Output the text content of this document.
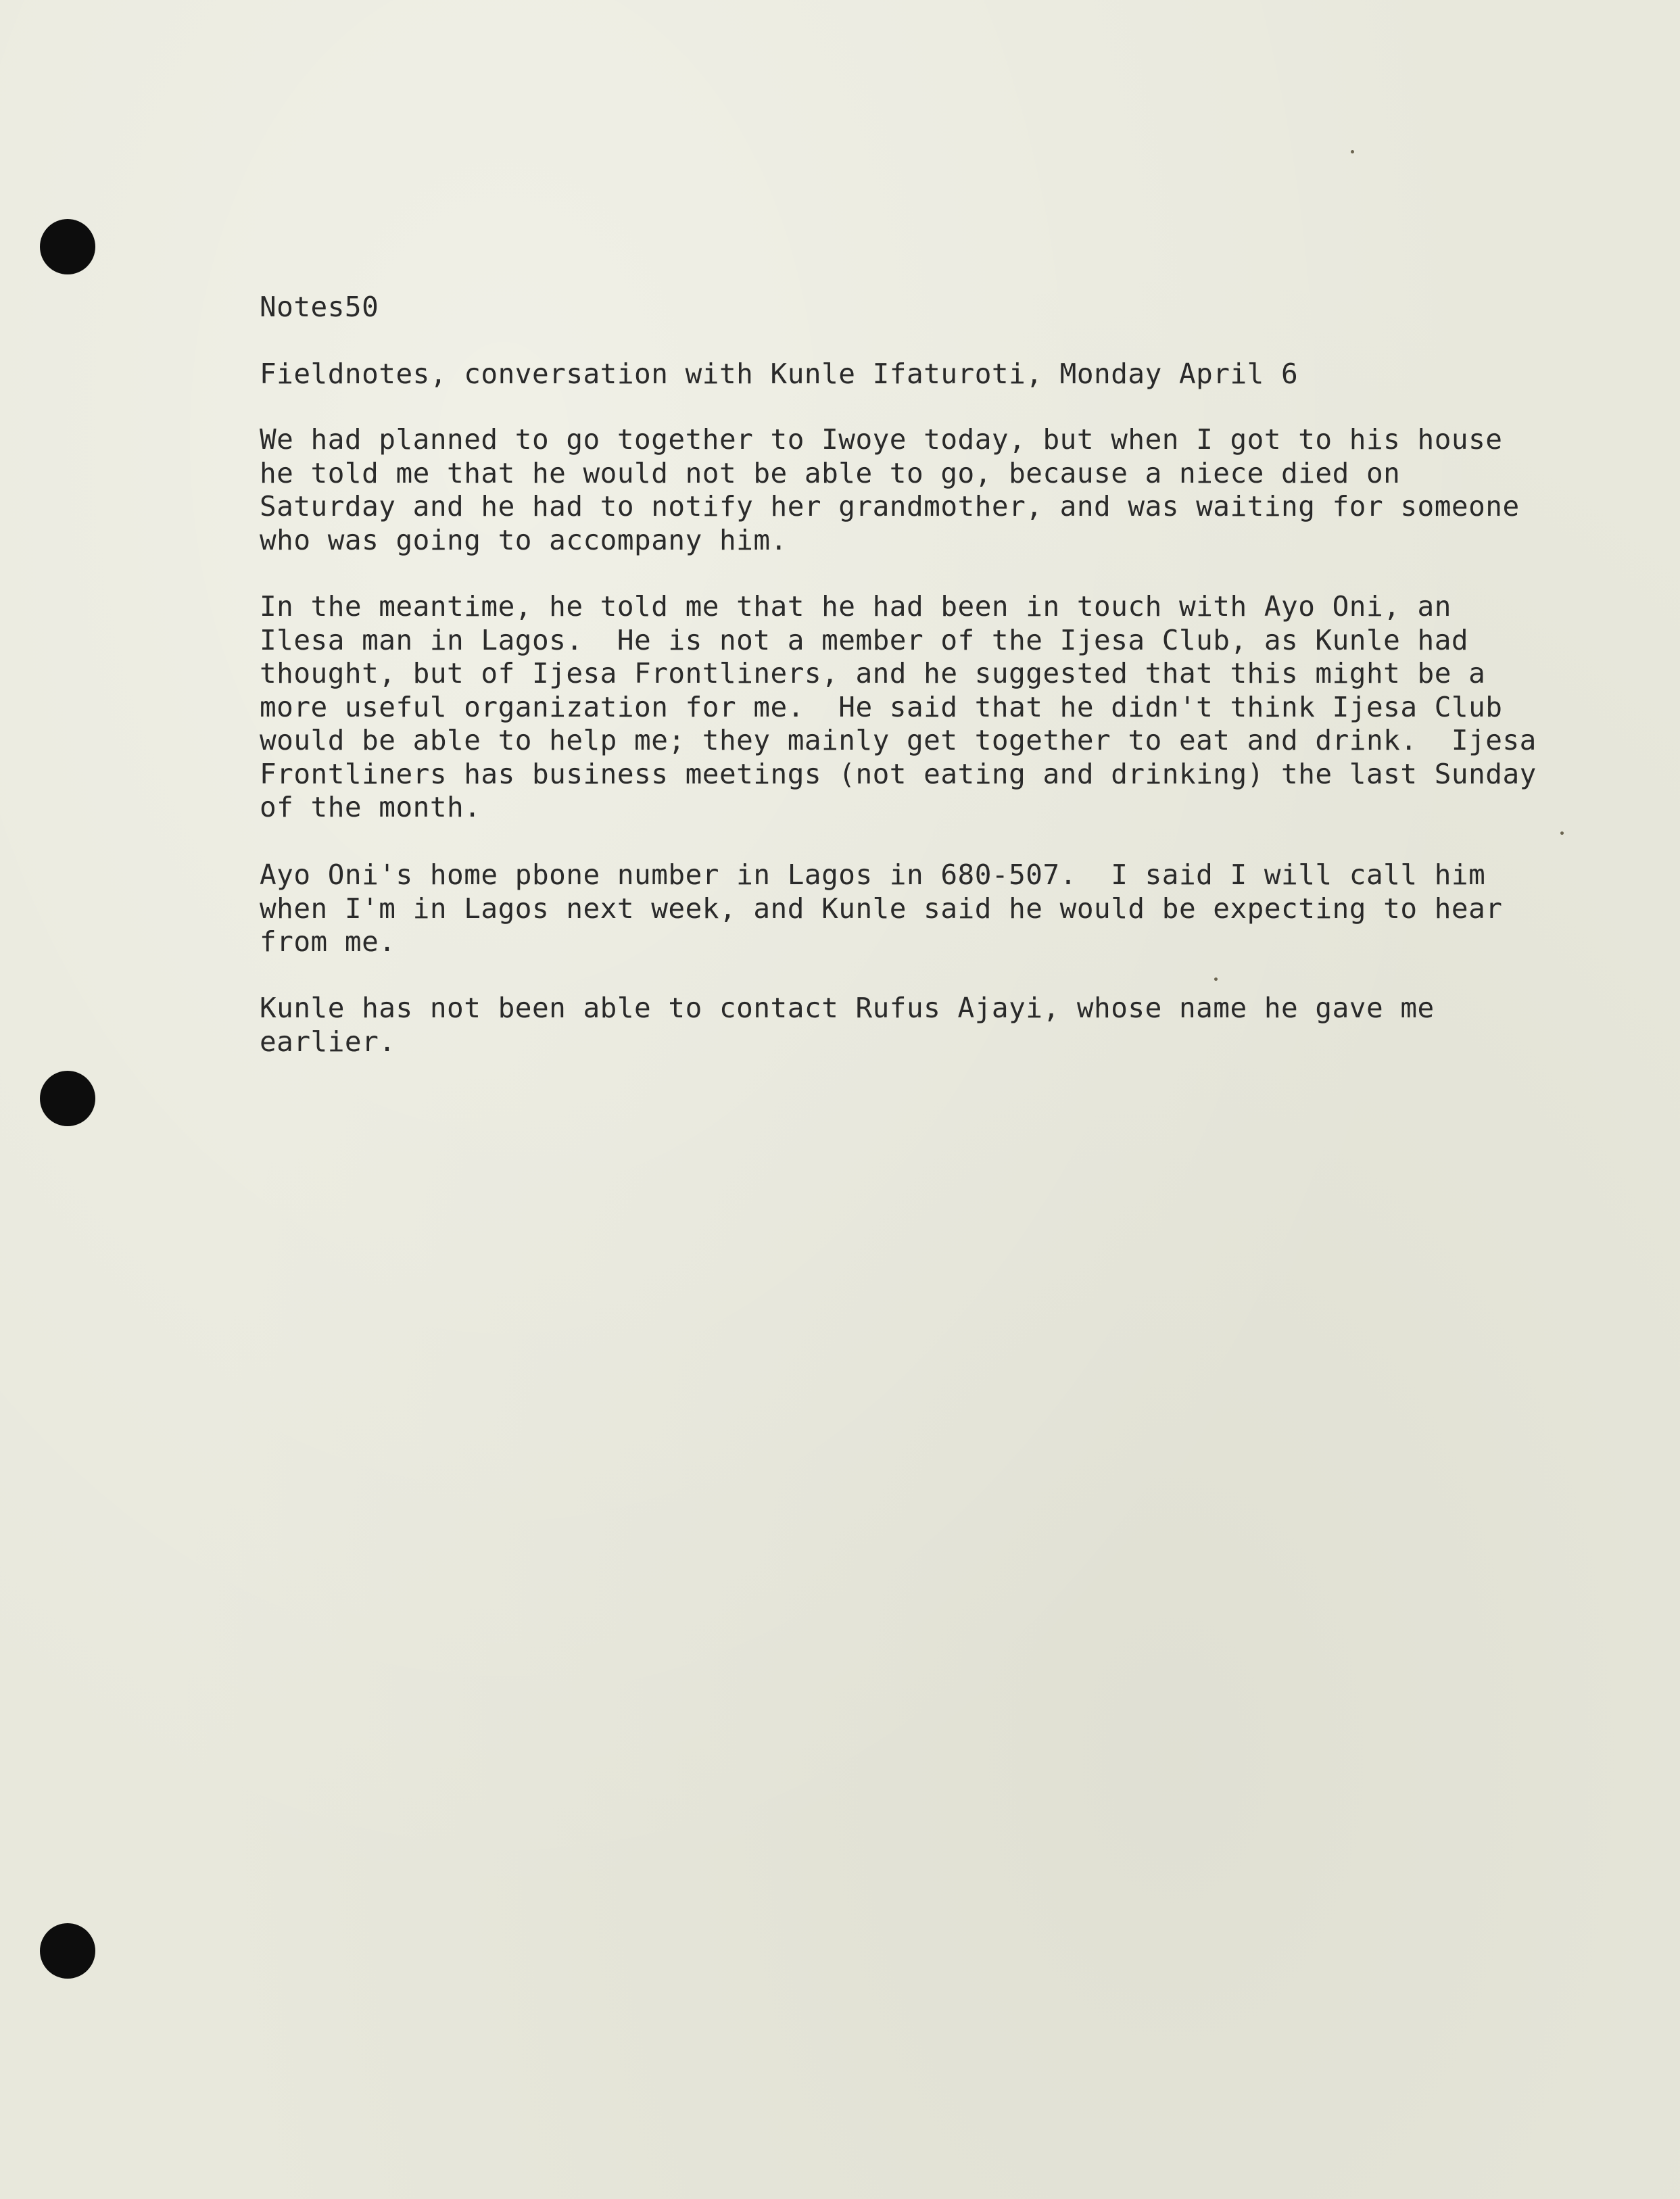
Notes50
Fieldnotes, conversation with Kunle Ifaturoti, Monday April 6
We had planned to go together to Iwoye today, but when I got to his house
he told me that he would not be able to go, because a niece died on
Saturday and he had to notify her grandmother, and was waiting for someone
who was going to accompany him.
In the meantime, he told me that he had been in touch with Ayo Oni, an
Ilesa man in Lagos.  He is not a member of the Ijesa Club, as Kunle had
thought, but of Ijesa Frontliners, and he suggested that this might be a
more useful organization for me.  He said that he didn't think Ijesa Club
would be able to help me; they mainly get together to eat and drink.  Ijesa
Frontliners has business meetings (not eating and drinking) the last Sunday
of the month.
Ayo Oni's home pbone number in Lagos in 680-507.  I said I will call him
when I'm in Lagos next week, and Kunle said he would be expecting to hear
from me.
Kunle has not been able to contact Rufus Ajayi, whose name he gave me
earlier.
